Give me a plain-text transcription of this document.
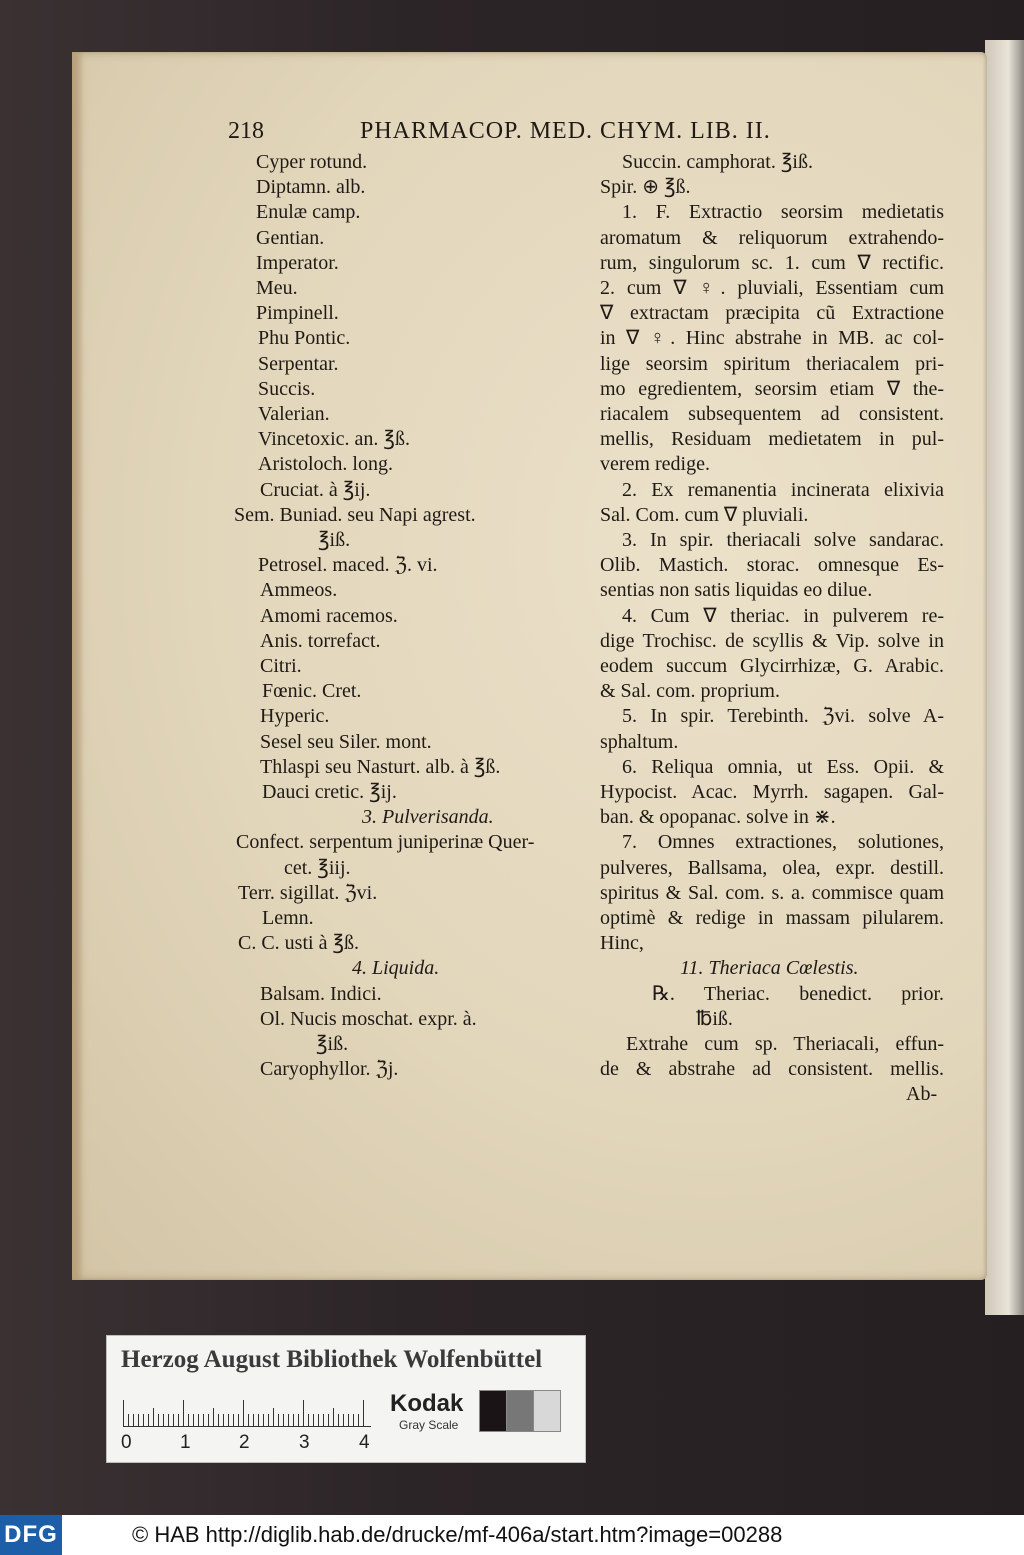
218	PHARMACOP. MED. CHYM. LIB. II.
Cyper rotund.
Diptamn. alb.
Enulæ camp.
Gentian.
Imperator.
Meu.
Pimpinell.
Phu Pontic.
Serpentar.
Succis.
Valerian.
Vincetoxic. an. ℥ß.
Aristoloch. long.
Cruciat. à ℥ij.
Sem. Buniad. seu Napi agrest.
℥iß.
Petrosel. maced. ℨ. vi.
Ammeos.
Amomi racemos.
Anis. torrefact.
Citri.
Fœnic. Cret.
Hyperic.
Sesel seu Siler. mont.
Thlaspi seu Nasturt. alb. à ℥ß.
Dauci cretic. ℥ij.
3. Pulverisanda.
Confect. serpentum juniperinæ Quer-
cet. ℥iij.
Terr. sigillat. ℨvi.
Lemn.
C. C. usti à ℥ß.
4. Liquida.
Balsam. Indici.
Ol. Nucis moschat. expr. à.
℥iß.
Caryophyllor. ℨj.
Succin. camphorat. ℥iß.
Spir. ⊕ ℥ß.
1. F. Extractio seorsim medietatis
aromatum & reliquorum extrahendo-
rum, singulorum sc. 1. cum ∇ rectific.
2. cum ∇ ♀. pluviali, Essentiam cum
∇ extractam præcipita cũ Extractione
in ∇ ♀. Hinc abstrahe in MB. ac col-
lige seorsim spiritum theriacalem pri-
mo egredientem, seorsim etiam ∇ the-
riacalem subsequentem ad consistent.
mellis, Residuam medietatem in pul-
verem redige.
2. Ex remanentia incinerata elixivia
Sal. Com. cum ∇ pluviali.
3. In spir. theriacali solve sandarac.
Olib. Mastich. storac. omnesque Es-
sentias non satis liquidas eo dilue.
4. Cum ∇ theriac. in pulverem re-
dige Trochisc. de scyllis & Vip. solve in
eodem succum Glycirrhizæ, G. Arabic.
& Sal. com. proprium.
5. In spir. Terebinth. ℨvi. solve A-
sphaltum.
6. Reliqua omnia, ut Ess. Opii. &
Hypocist. Acac. Myrrh. sagapen. Gal-
ban. & opopanac. solve in ⋇.
7. Omnes extractiones, solutiones,
pulveres, Ballsama, olea, expr. destill.
spiritus & Sal. com. s. a. commisce quam
optimè & redige in massam pilularem.
Hinc,
11. Theriaca Cœlestis.
℞. Theriac. benedict. prior.
℔iß.
Extrahe cum sp. Theriacali, effun-
de & abstrahe ad consistent. mellis.
Ab-
Herzog August Bibliothek Wolfenbüttel
0	1	2	3	4
Kodak
Gray Scale
DFG	© HAB http://diglib.hab.de/drucke/mf-406a/start.htm?image=00288
